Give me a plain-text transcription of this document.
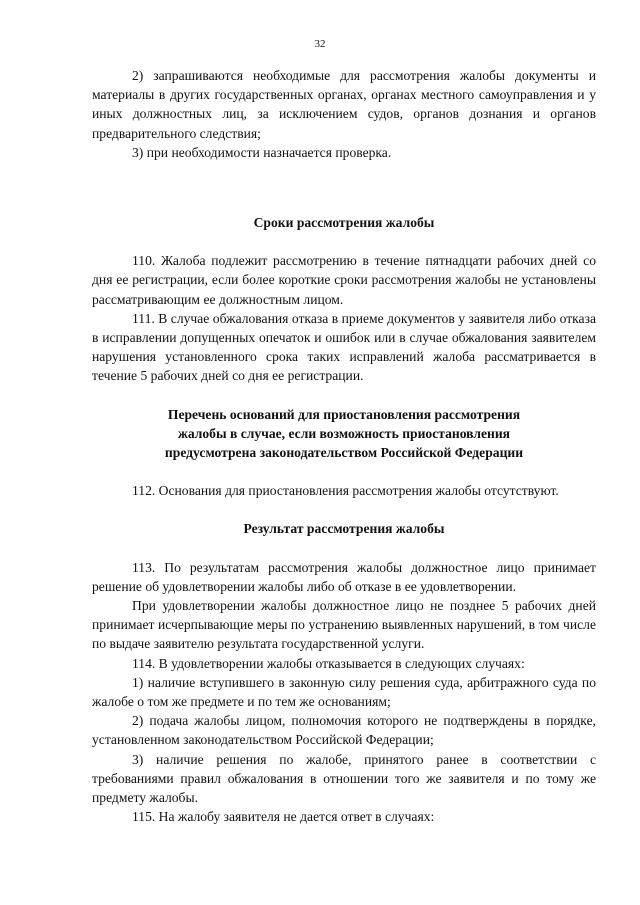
32

2) запрашиваются необходимые для рассмотрения жалобы документы и материалы в других государственных органах, органах местного самоуправления и у иных должностных лиц, за исключением судов, органов дознания и органов предварительного следствия;

3) при необходимости назначается проверка.

Сроки рассмотрения жалобы

110. Жалоба подлежит рассмотрению в течение пятнадцати рабочих дней со дня ее регистрации, если более короткие сроки рассмотрения жалобы не установлены рассматривающим ее должностным лицом.

111. В случае обжалования отказа в приеме документов у заявителя либо отказа в исправлении допущенных опечаток и ошибок или в случае обжалования заявителем нарушения установленного срока таких исправлений жалоба рассматривается в течение 5 рабочих дней со дня ее регистрации.

Перечень оснований для приостановления рассмотрения
жалобы в случае, если возможность приостановления
предусмотрена законодательством Российской Федерации

112. Основания для приостановления рассмотрения жалобы отсутствуют.

Результат рассмотрения жалобы

113. По результатам рассмотрения жалобы должностное лицо принимает решение об удовлетворении жалобы либо об отказе в ее удовлетворении.

При удовлетворении жалобы должностное лицо не позднее 5 рабочих дней принимает исчерпывающие меры по устранению выявленных нарушений, в том числе по выдаче заявителю результата государственной услуги.

114. В удовлетворении жалобы отказывается в следующих случаях:

1) наличие вступившего в законную силу решения суда, арбитражного суда по жалобе о том же предмете и по тем же основаниям;

2) подача жалобы лицом, полномочия которого не подтверждены в порядке, установленном законодательством Российской Федерации;

3) наличие решения по жалобе, принятого ранее в соответствии с требованиями правил обжалования в отношении того же заявителя и по тому же предмету жалобы.

115. На жалобу заявителя не дается ответ в случаях:
